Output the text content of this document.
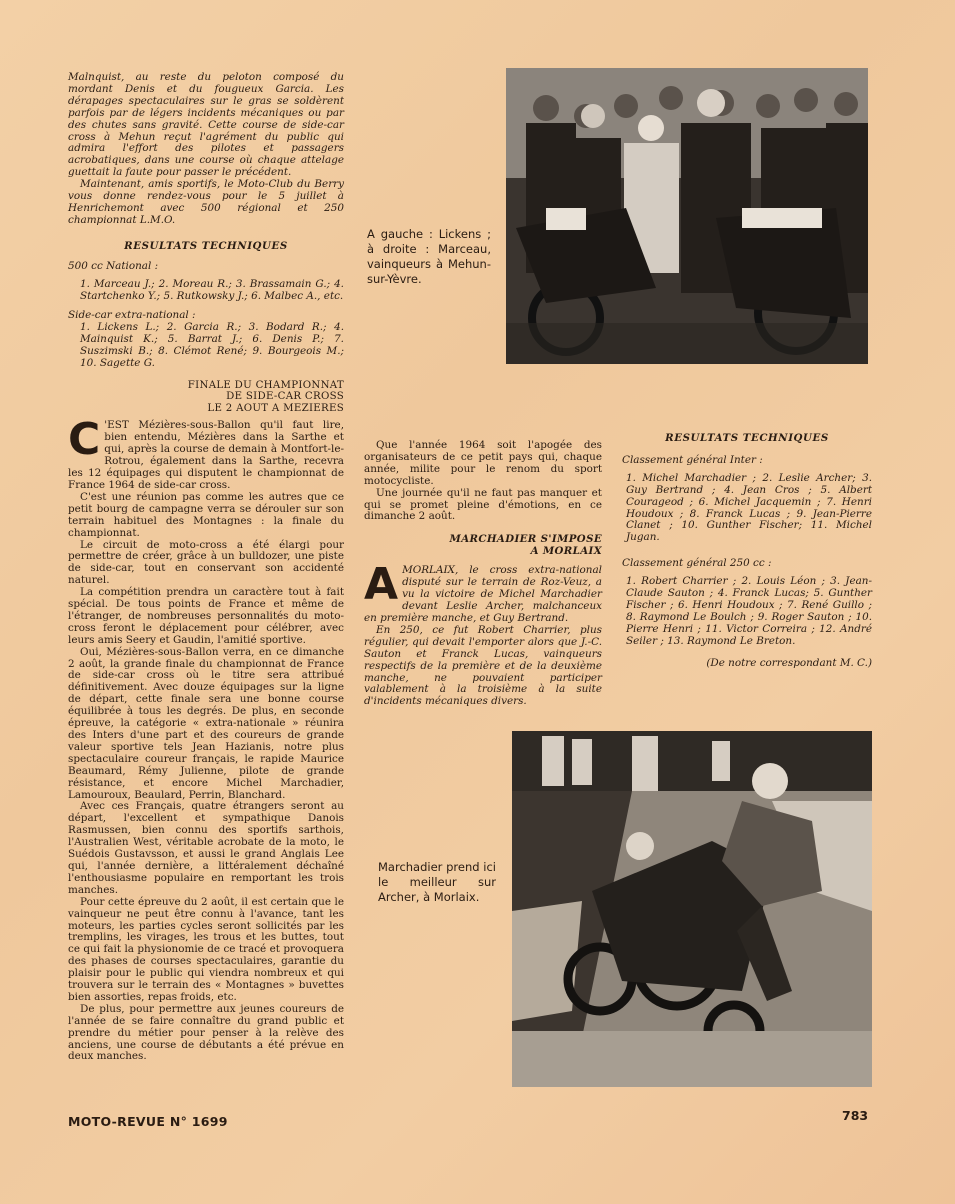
Malnquist, au reste du peloton composé du mordant Denis et du fougueux Garcia. Les dérapages spectaculaires sur le gras se soldèrent parfois par de légers incidents mécaniques ou par des chutes sans gravité. Cette course de side-car cross à Mehun reçut l'agrément du public qui admira l'effort des pilotes et passagers acrobatiques, dans une course où chaque attelage guettait la faute pour passer le précédent.

Maintenant, amis sportifs, le Moto-Club du Berry vous donne rendez-vous pour le 5 juillet à Henrichemont avec 500 régional et 250 championnat L.M.O.

RESULTATS TECHNIQUES

500 cc National :

1. Marceau J.; 2. Moreau R.; 3. Brassamain G.; 4. Startchenko Y.; 5. Rutkowsky J.; 6. Malbec A., etc.

Side-car extra-national :

1. Lickens L.; 2. Garcia R.; 3. Bodard R.; 4. Mainquist K.; 5. Barrat J.; 6. Denis P.; 7. Suszimski B.; 8. Clémot René; 9. Bourgeois M.; 10. Sagette G.

FINALE DU CHAMPIONNAT
DE SIDE-CAR CROSS
LE 2 AOUT A MEZIERES
C 'EST Mézières-sous-Ballon qu'il faut lire, bien entendu, Mézières dans la Sarthe et qui, après la course de demain à Montfort-le-Rotrou, également dans la Sarthe, recevra les 12 équipages qui disputent le championnat de France 1964 de side-car cross.

C'est une réunion pas comme les autres que ce petit bourg de campagne verra se dérouler sur son terrain habituel des Montagnes : la finale du championnat.

Le circuit de moto-cross a été élargi pour permettre de créer, grâce à un bulldozer, une piste de side-car, tout en conservant son accidenté naturel.

La compétition prendra un caractère tout à fait spécial. De tous points de France et même de l'étranger, de nombreuses personnalités du moto-cross feront le déplacement pour célébrer, avec leurs amis Seery et Gaudin, l'amitié sportive.

Oui, Mézières-sous-Ballon verra, en ce dimanche 2 août, la grande finale du championnat de France de side-car cross où le titre sera attribué définitivement. Avec douze équipages sur la ligne de départ, cette finale sera une bonne course équilibrée à tous les degrés. De plus, en seconde épreuve, la catégorie « extra-nationale » réunira des Inters d'une part et des coureurs de grande valeur sportive tels Jean Hazianis, notre plus spectaculaire coureur français, le rapide Maurice Beaumard, Rémy Julienne, pilote de grande résistance, et encore Michel Marchadier, Lamouroux, Beaulard, Perrin, Blanchard.

Avec ces Français, quatre étrangers seront au départ, l'excellent et sympathique Danois Rasmussen, bien connu des sportifs sarthois, l'Australien West, véritable acrobate de la moto, le Suédois Gustavsson, et aussi le grand Anglais Lee qui, l'année dernière, a littéralement déchaîné l'enthousiasme populaire en remportant les trois manches.

Pour cette épreuve du 2 août, il est certain que le vainqueur ne peut être connu à l'avance, tant les moteurs, les parties cycles seront sollicités par les tremplins, les virages, les trous et les buttes, tout ce qui fait la physionomie de ce tracé et provoquera des phases de courses spectaculaires, garantie du plaisir pour le public qui viendra nombreux et qui trouvera sur le terrain des « Montagnes » buvettes bien assorties, repas froids, etc.

De plus, pour permettre aux jeunes coureurs de l'année de se faire connaître du grand public et prendre du métier pour penser à la relève des anciens, une course de débutants a été prévue en deux manches.

A gauche : Lickens ; à droite : Marceau, vainqueurs à Mehun-sur-Yèvre.

Que l'année 1964 soit l'apogée des organisateurs de ce petit pays qui, chaque année, milite pour le renom du sport motocycliste.

Une journée qu'il ne faut pas manquer et qui se promet pleine d'émotions, en ce dimanche 2 août.

MARCHADIER S'IMPOSE
A MORLAIX
A MORLAIX, le cross extra-national disputé sur le terrain de Roz-Veuz, a vu la victoire de Michel Marchadier devant Leslie Archer, malchanceux en première manche, et Guy Bertrand.

En 250, ce fut Robert Charrier, plus régulier, qui devait l'emporter alors que J.-C. Sauton et Franck Lucas, vainqueurs respectifs de la première et de la deuxième manche, ne pouvaient participer valablement à la troisième à la suite d'incidents mécaniques divers.

RESULTATS TECHNIQUES

Classement général Inter :

1. Michel Marchadier ; 2. Leslie Archer; 3. Guy Bertrand ; 4. Jean Cros ; 5. Albert Courageod ; 6. Michel Jacquemin ; 7. Henri Houdoux ; 8. Franck Lucas ; 9. Jean-Pierre Clanet ; 10. Gunther Fischer; 11. Michel Jugan.

Classement général 250 cc :

1. Robert Charrier ; 2. Louis Léon ; 3. Jean-Claude Sauton ; 4. Franck Lucas; 5. Gunther Fischer ; 6. Henri Houdoux ; 7. René Guillo ; 8. Raymond Le Boulch ; 9. Roger Sauton ; 10. Pierre Henri ; 11. Victor Correira ; 12. André Seiler ; 13. Raymond Le Breton.

(De notre correspondant M. C.)

Marchadier prend ici le meilleur sur Archer, à Morlaix.
MOTO-REVUE N° 1699	783
